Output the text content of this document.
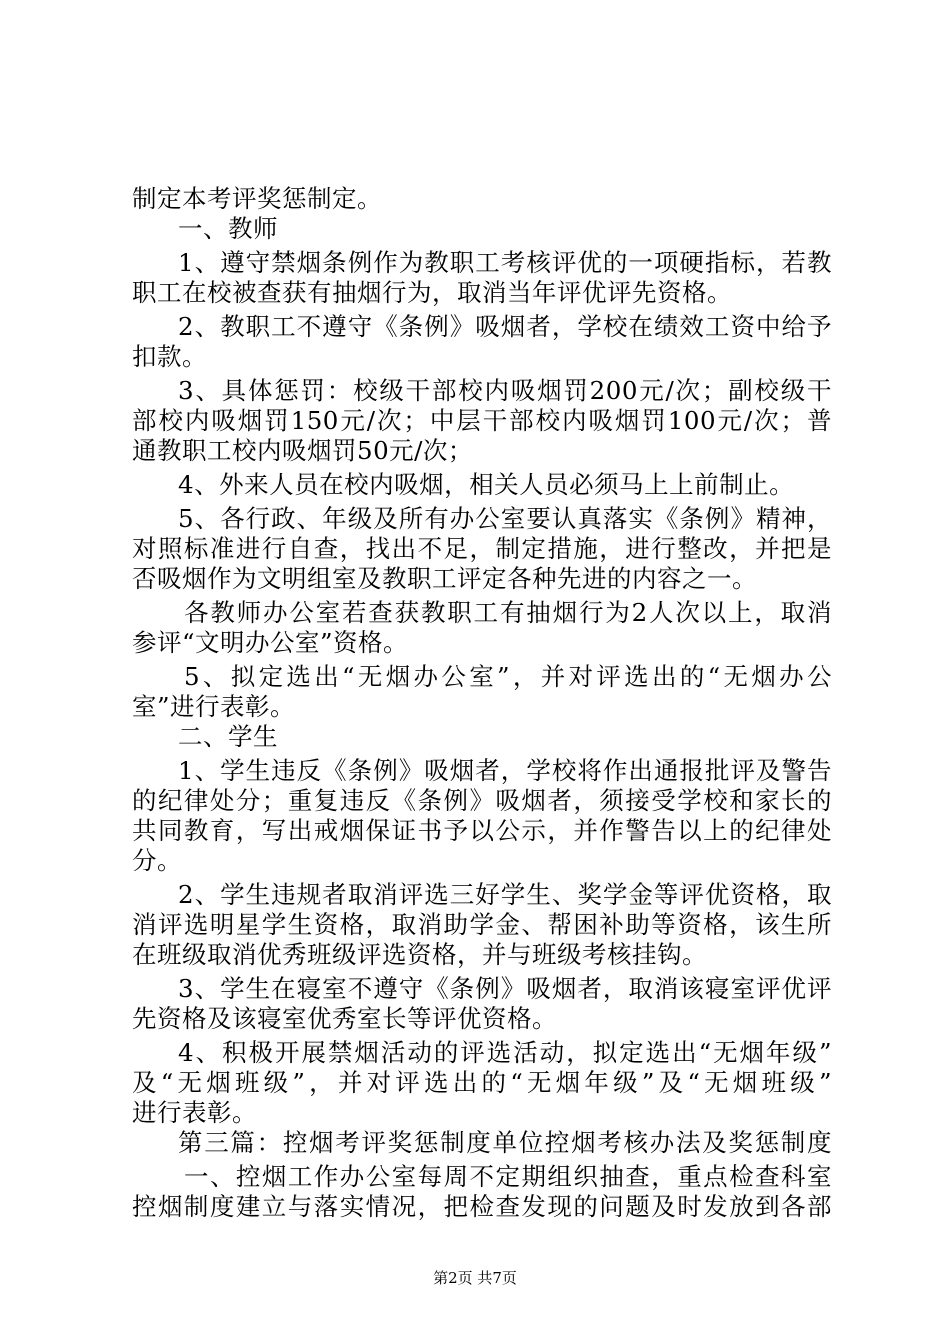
制定本考评奖惩制定。
一、教师
1、遵守禁烟条例作为教职工考核评优的一项硬指标，若教
职工在校被查获有抽烟行为，取消当年评优评先资格。
2、教职工不遵守《条例》吸烟者，学校在绩效工资中给予
扣款。
3、具体惩罚：校级干部校内吸烟罚200元/次；副校级干
部校内吸烟罚150元/次；中层干部校内吸烟罚100元/次；普
通教职工校内吸烟罚50元/次；
4、外来人员在校内吸烟，相关人员必须马上上前制止。
5、各行政、年级及所有办公室要认真落实《条例》精神，
对照标准进行自查，找出不足，制定措施，进行整改，并把是
否吸烟作为文明组室及教职工评定各种先进的内容之一。
各教师办公室若查获教职工有抽烟行为2人次以上，取消
参评“文明办公室”资格。
5、拟定选出“无烟办公室”，并对评选出的“无烟办公
室”进行表彰。
二、学生
1、学生违反《条例》吸烟者，学校将作出通报批评及警告
的纪律处分；重复违反《条例》吸烟者，须接受学校和家长的
共同教育，写出戒烟保证书予以公示，并作警告以上的纪律处
分。
2、学生违规者取消评选三好学生、奖学金等评优资格，取
消评选明星学生资格，取消助学金、帮困补助等资格，该生所
在班级取消优秀班级评选资格，并与班级考核挂钩。
3、学生在寝室不遵守《条例》吸烟者，取消该寝室评优评
先资格及该寝室优秀室长等评优资格。
4、积极开展禁烟活动的评选活动，拟定选出“无烟年级”
及“无烟班级”，并对评选出的“无烟年级”及“无烟班级”
进行表彰。
第三篇：控烟考评奖惩制度单位控烟考核办法及奖惩制度
一、控烟工作办公室每周不定期组织抽查，重点检查科室
控烟制度建立与落实情况，把检查发现的问题及时发放到各部
第2页 共7页
